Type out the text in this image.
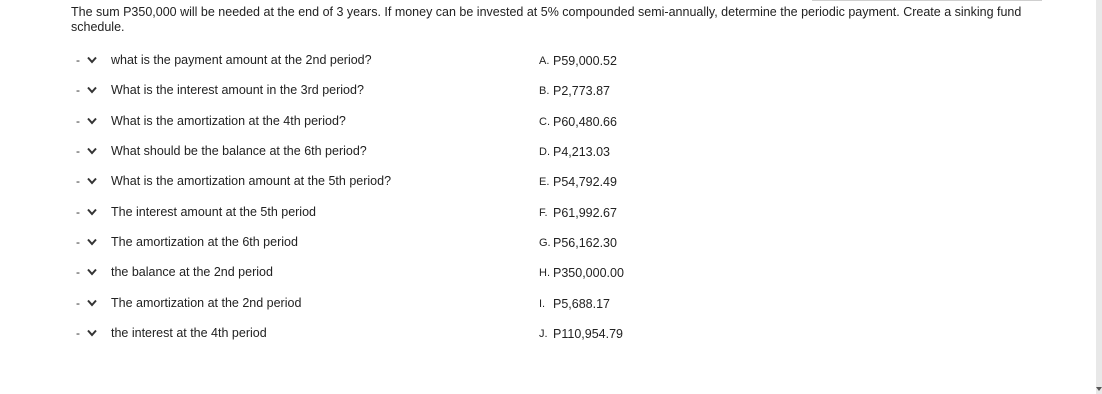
The sum P350,000 will be needed at the end of 3 years. If money can be invested at 5% compounded semi-annually, determine the periodic payment. Create a sinking fund schedule.
-	what is the payment amount at the 2nd period?	A. P59,000.52
-	What is the interest amount in the 3rd period?	B. P2,773.87
-	What is the amortization at the 4th period?	C. P60,480.66
-	What should be the balance at the 6th period?	D. P4,213.03
-	What is the amortization amount at the 5th period?	E. P54,792.49
-	The interest amount at the 5th period	F. P61,992.67
-	The amortization at the 6th period	G. P56,162.30
-	the balance at the 2nd period	H. P350,000.00
-	The amortization at the 2nd period	I. P5,688.17
-	the interest at the 4th period	J. P110,954.79
